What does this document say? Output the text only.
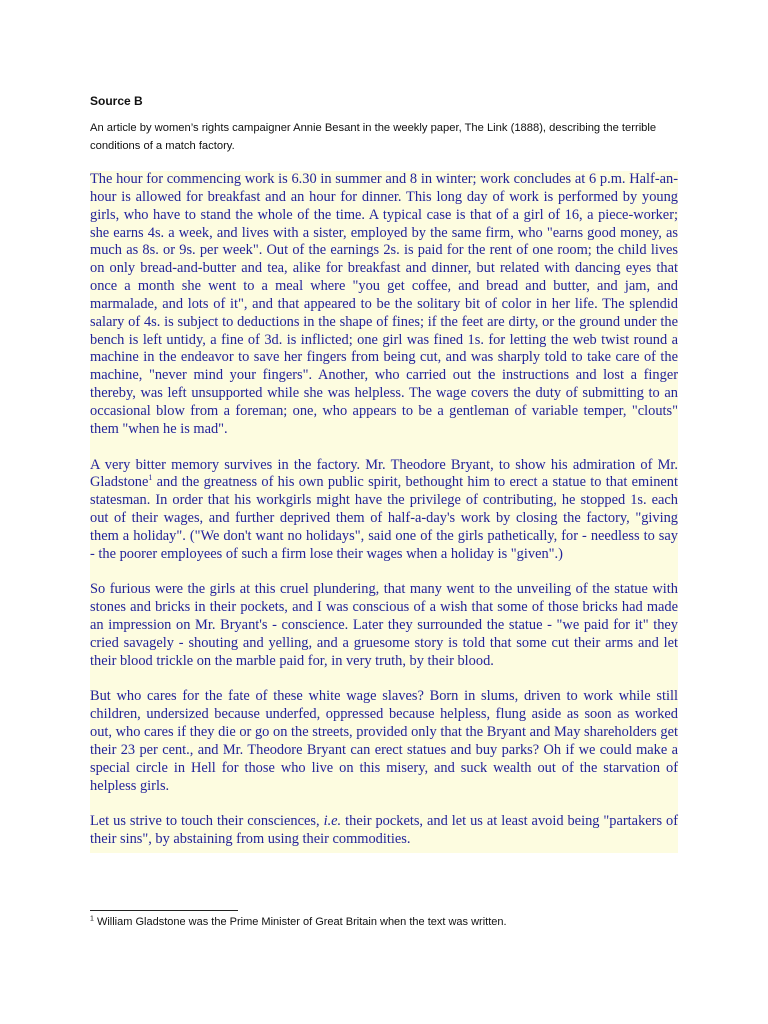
Source B

An article by women’s rights campaigner Annie Besant in the weekly paper, The Link (1888), describing the terrible conditions of a match factory.

The hour for commencing work is 6.30 in summer and 8 in winter; work concludes at 6 p.m. Half-an-hour is allowed for breakfast and an hour for dinner. This long day of work is performed by young girls, who have to stand the whole of the time. A typical case is that of a girl of 16, a piece-worker; she earns 4s. a week, and lives with a sister, employed by the same firm, who "earns good money, as much as 8s. or 9s. per week". Out of the earnings 2s. is paid for the rent of one room; the child lives on only bread-and-butter and tea, alike for breakfast and dinner, but related with dancing eyes that once a month she went to a meal where "you get coffee, and bread and butter, and jam, and marmalade, and lots of it", and that appeared to be the solitary bit of color in her life. The splendid salary of 4s. is subject to deductions in the shape of fines; if the feet are dirty, or the ground under the bench is left untidy, a fine of 3d. is inflicted; one girl was fined 1s. for letting the web twist round a machine in the endeavor to save her fingers from being cut, and was sharply told to take care of the machine, "never mind your fingers". Another, who carried out the instructions and lost a finger thereby, was left unsupported while she was helpless. The wage covers the duty of submitting to an occasional blow from a foreman; one, who appears to be a gentleman of variable temper, "clouts" them "when he is mad".

A very bitter memory survives in the factory. Mr. Theodore Bryant, to show his admiration of Mr. Gladstone$^1$ and the greatness of his own public spirit, bethought him to erect a statue to that eminent statesman. In order that his workgirls might have the privilege of contributing, he stopped 1s. each out of their wages, and further deprived them of half-a-day's work by closing the factory, "giving them a holiday". ("We don't want no holidays", said one of the girls pathetically, for - needless to say - the poorer employees of such a firm lose their wages when a holiday is "given".)

So furious were the girls at this cruel plundering, that many went to the unveiling of the statue with stones and bricks in their pockets, and I was conscious of a wish that some of those bricks had made an impression on Mr. Bryant's - conscience. Later they surrounded the statue - "we paid for it" they cried savagely - shouting and yelling, and a gruesome story is told that some cut their arms and let their blood trickle on the marble paid for, in very truth, by their blood.

But who cares for the fate of these white wage slaves? Born in slums, driven to work while still children, undersized because underfed, oppressed because helpless, flung aside as soon as worked out, who cares if they die or go on the streets, provided only that the Bryant and May shareholders get their 23 per cent., and Mr. Theodore Bryant can erect statues and buy parks? Oh if we could make a special circle in Hell for those who live on this misery, and suck wealth out of the starvation of helpless girls.

Let us strive to touch their consciences, i.e. their pockets, and let us at least avoid being "partakers of their sins", by abstaining from using their commodities.

$^1$ William Gladstone was the Prime Minister of Great Britain when the text was written.
